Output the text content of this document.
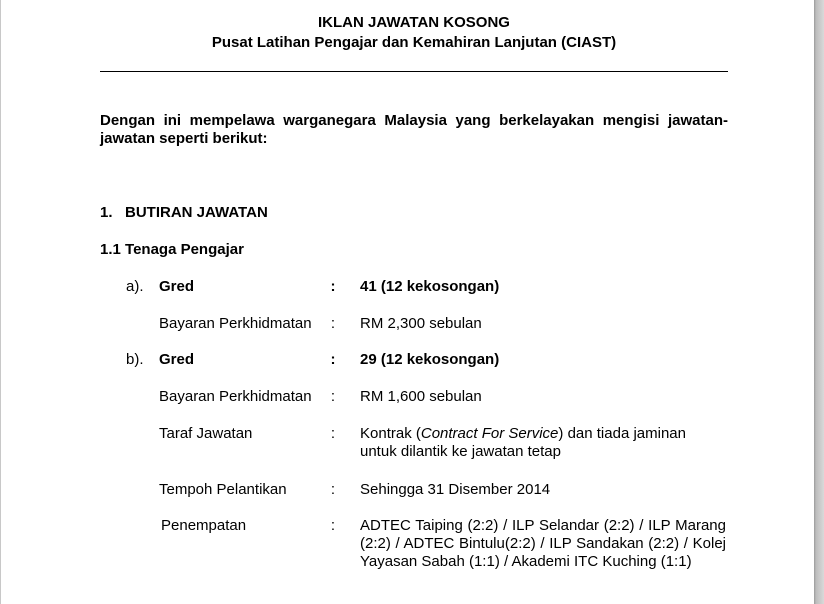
IKLAN JAWATAN KOSONG
Pusat Latihan Pengajar dan Kemahiran Lanjutan (CIAST)
Dengan ini mempelawa warganegara Malaysia yang berkelayakan mengisi jawatan-jawatan seperti berikut:
1. BUTIRAN JAWATAN
1.1 Tenaga Pengajar
a). Gred	: 41 (12 kekosongan)
Bayaran Perkhidmatan : RM 2,300 sebulan
b). Gred	: 29 (12 kekosongan)
Bayaran Perkhidmatan : RM 1,600 sebulan
Taraf Jawatan	: Kontrak (Contract For Service) dan tiada jaminan untuk dilantik ke jawatan tetap
Tempoh Pelantikan	: Sehingga 31 Disember 2014
Penempatan	: ADTEC Taiping (2:2) / ILP Selandar (2:2) / ILP Marang (2:2) / ADTEC Bintulu(2:2) / ILP Sandakan (2:2) / Kolej Yayasan Sabah (1:1) / Akademi ITC Kuching (1:1)
